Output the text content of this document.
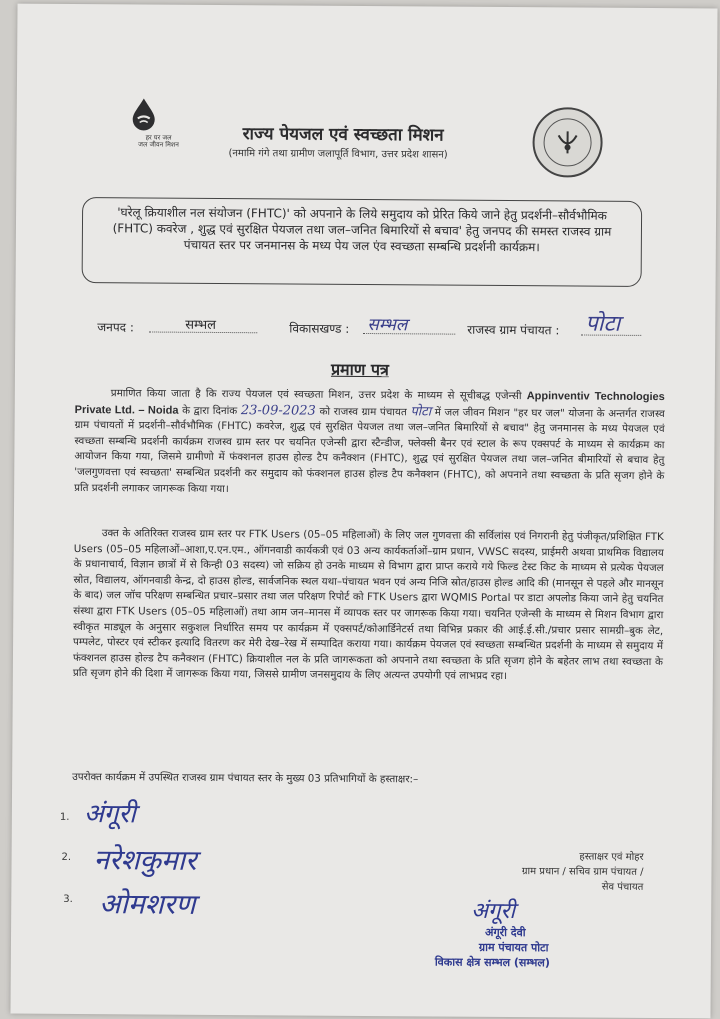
हर घर जल
जल जीवन मिशन	राज्य पेयजल एवं स्वच्छता मिशन
(नमामि गंगे तथा ग्रामीण जलापूर्ति विभाग, उत्तर प्रदेश शासन)
'घरेलू क्रियाशील नल संयोजन (FHTC)' को अपनाने के लिये समुदाय को प्रेरित किये जाने हेतु प्रदर्शनी–सौर्वभौमिक (FHTC) कवरेज , शुद्ध एवं सुरक्षित पेयजल तथा जल–जनित बिमारियों से बचाव' हेतु जनपद की समस्त राजस्व ग्राम पंचायत स्तर पर जनमानस के मध्य पेय जल एंव स्वच्छता सम्बन्धि प्रदर्शनी कार्यक्रम।
जनपद :	सम्भल	विकासखण्ड : सम्भल	राजस्व ग्राम पंचायत : पोटा
प्रमाण पत्र
प्रमाणित किया जाता है कि राज्य पेयजल एवं स्वच्छता मिशन, उत्तर प्रदेश के माध्यम से सूचीबद्ध एजेन्सी Appinventiv Technologies Private Ltd. – Noida के द्वारा दिनांक 23-09-2023 को राजस्व ग्राम पंचायत पोटा में जल जीवन मिशन "हर घर जल" योजना के अन्तर्गत राजस्व ग्राम पंचायतों में प्रदर्शनी–सौर्वभौमिक (FHTC) कवरेज, शुद्ध एवं सुरक्षित पेयजल तथा जल–जनित बिमारियों से बचाव" हेतु जनमानस के मध्य पेयजल एवं स्वच्छता सम्बन्धि प्रदर्शनी कार्यक्रम राजस्व ग्राम स्तर पर चयनित एजेन्सी द्वारा स्टैन्डीज, फ्लेक्सी बैनर एवं स्टाल के रूप एक्सपर्ट के माध्यम से कार्यक्रम का आयोजन किया गया, जिसमे ग्रामीणो में फंक्शनल हाउस होल्ड टैप कनैक्शन (FHTC), शुद्ध एवं सुरक्षित पेयजल तथा जल–जनित बीमारियों से बचाव हेतु 'जलगुणवत्ता एवं स्वच्छता' सम्बन्धित प्रदर्शनी कर समुदाय को फंक्शनल हाउस होल्ड टैप कनैक्शन (FHTC), को अपनाने तथा स्वच्छता के प्रति सृजग होने के प्रति प्रदर्शनी लगाकर जागरूक किया गया।
उक्त के अतिरिक्त राजस्व ग्राम स्तर पर FTK Users (05–05 महिलाओं) के लिए जल गुणवत्ता की सर्विलांस एवं निगरानी हेतु पंजीकृत/प्रशिक्षित FTK Users (05–05 महिलाओं–आशा,ए.एन.एम., ऑगनवाडी कार्यकत्री एवं 03 अन्य कार्यकर्ताओं–ग्राम प्रधान, VWSC सदस्य, प्राईमरी अथवा प्राथमिक विद्यालय के प्रधानाचार्य, विज्ञान छात्रों में से किन्ही 03 सदस्य) जो सक्रिय हो उनके माध्यम से विभाग द्वारा प्राप्त कराये गये फिल्ड टेस्ट किट के माध्यम से प्रत्येक पेयजल स्रोत, विद्यालय, ऑगनवाडी केन्द्र, दो हाउस होल्ड, सार्वजनिक स्थल यथा–पंचायत भवन एवं अन्य निजि स्रोत/हाउस होल्ड आदि की (मानसून से पहले और मानसून के बाद) जल जॉच परिक्षण सम्बन्धित प्रचार–प्रसार तथा जल परिक्षण रिपोर्ट को FTK Users द्वारा WQMIS Portal पर डाटा अपलोड किया जाने हेतु चयनित संस्था द्वारा FTK Users (05–05 महिलाओं) तथा आम जन–मानस में व्यापक स्तर पर जागरूक किया गया। चयनित एजेन्सी के माध्यम से मिशन विभाग द्वारा स्वीकृत माड्यूल के अनुसार सकुशल निर्धारित समय पर कार्यक्रम में एक्सपर्ट/कोआर्डिनेटर्स तथा विभिन्न प्रकार की आई.ई.सी./प्रचार प्रसार सामग्री–बुक लेट, पम्पलेट, पोस्टर एवं स्टीकर इत्यादि वितरण कर मेरी देख–रेख में सम्पादित कराया गया। कार्यक्रम पेयजल एवं स्वच्छता सम्बन्धित प्रदर्शनी के माध्यम से समुदाय में फंक्शनल हाउस होल्ड टैप कनैक्शन (FHTC) क्रियाशील नल के प्रति जागरूकता को अपनाने तथा स्वच्छता के प्रति सृजग होने के बहेतर लाभ तथा स्वच्छता के प्रति सृजग होने की दिशा में जागरूक किया गया, जिससे ग्रामीण जनसमुदाय के लिए अत्यन्त उपयोगी एवं लाभप्रद रहा।
उपरोक्त कार्यक्रम में उपस्थित राजस्व ग्राम पंचायत स्तर के मुख्य 03 प्रतिभागियों के हस्ताक्षर:–
1. अंगूरी
2. नरेशकुमार
3. ओमशरण
हस्ताक्षर एवं मोहर
ग्राम प्रधान / सचिव ग्राम पंचायत /
सेव पंचायत
अंगूरी
अंगूरी देवी
ग्राम पंचायत पोटा
विकास क्षेत्र सम्भल (सम्भल)
